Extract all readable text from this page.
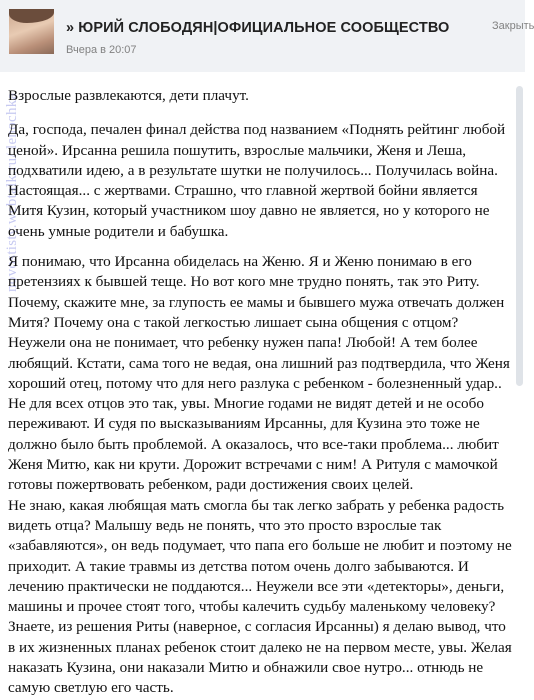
» ЮРИЙ СЛОБОДЯН|ОФИЦИАЛЬНОЕ СООБЩЕСТВО
Вчера в 20:07
Закрыть
novostisty.webtalk.ru/ lenochka

Взрослые развлекаются, дети плачут.

Да, господа, печален финал действа под названием «Поднять рейтинг любой ценой». Ирсанна решила пошутить, взрослые мальчики, Женя и Леша, подхватили идею, а в результате шутки не получилось... Получилась война. Настоящая... с жертвами. Страшно, что главной жертвой бойни является Митя Кузин, который участником шоу давно не является, но у которого не очень умные родители и бабушка.

Я понимаю, что Ирсанна обиделась на Женю. Я и Женю понимаю в его претензиях к бывшей теще. Но вот кого мне трудно понять, так это Риту. Почему, скажите мне, за глупость ее мамы и бывшего мужа отвечать должен Митя? Почему она с такой легкостью лишает сына общения с отцом? Неужели она не понимает, что ребенку нужен папа! Любой! А тем более любящий. Кстати, сама того не ведая, она лишний раз подтвердила, что Женя хороший отец, потому что для него разлука с ребенком - болезненный удар.. Не для всех отцов это так, увы. Многие годами не видят детей и не особо переживают. И судя по высказываниям Ирсанны, для Кузина это тоже не должно было быть проблемой. А оказалось, что все-таки проблема... любит Женя Митю, как ни крути. Дорожит встречами с ним! А Ритуля с мамочкой готовы пожертвовать ребенком, ради достижения своих целей.

Не знаю, какая любящая мать смогла бы так легко забрать у ребенка радость видеть отца? Малышу ведь не понять, что это просто взрослые так «забавляются», он ведь подумает, что папа его больше не любит и поэтому не приходит. А такие травмы из детства потом очень долго забываются. И лечению практически не поддаются... Неужели все эти «детекторы», деньги, машины и прочее стоят того, чтобы калечить судьбу маленькому человеку?

Знаете, из решения Риты (наверное, с согласия Ирсанны) я делаю вывод, что в их жизненных планах ребенок стоит далеко не на первом месте, увы. Желая наказать Кузина, они наказали Митю и обнажили свое нутро... отнюдь не самую светлую его часть.
